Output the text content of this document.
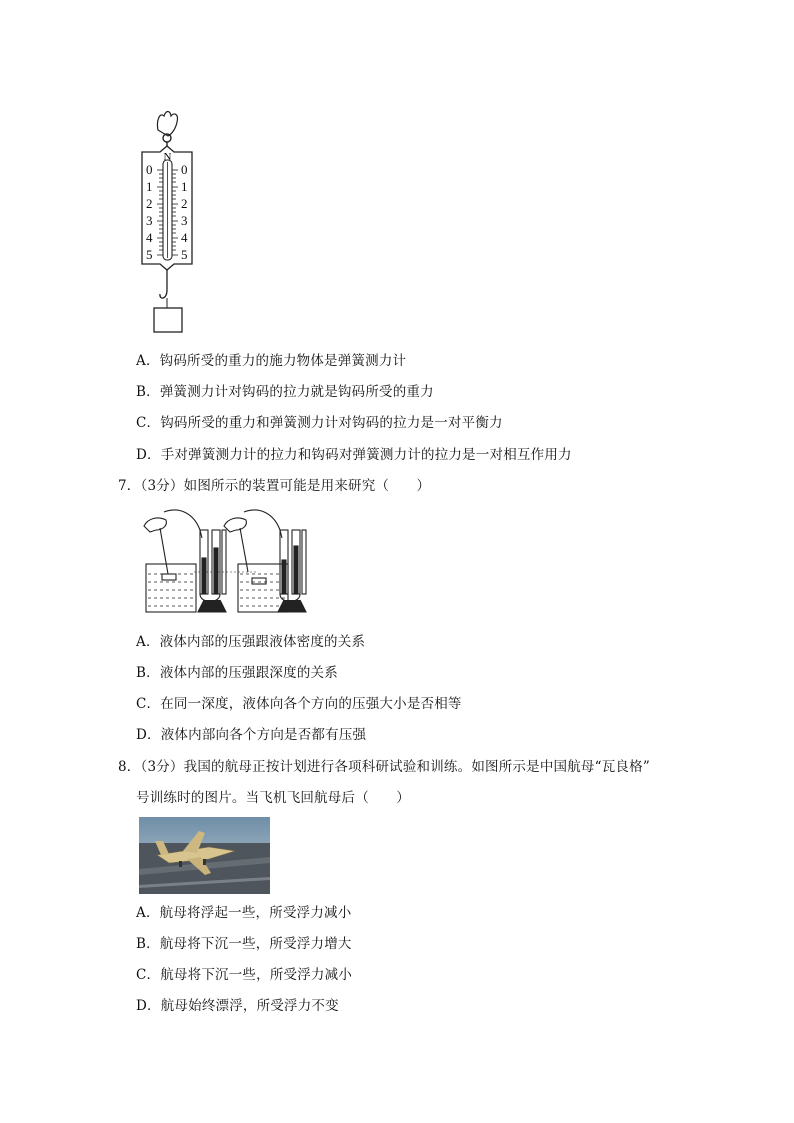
N
0
1
2
3
4
5
0
1
2
3
4
5
A．钩码所受的重力的施力物体是弹簧测力计
B．弹簧测力计对钩码的拉力就是钩码所受的重力
C．钩码所受的重力和弹簧测力计对钩码的拉力是一对平衡力
D．手对弹簧测力计的拉力和钩码对弹簧测力计的拉力是一对相互作用力
7．（3分）如图所示的装置可能是用来研究（　　）
A．液体内部的压强跟液体密度的关系
B．液体内部的压强跟深度的关系
C．在同一深度，液体向各个方向的压强大小是否相等
D．液体内部向各个方向是否都有压强
8．（3分）我国的航母正按计划进行各项科研试验和训练。如图所示是中国航母“瓦良格”
号训练时的图片。当飞机飞回航母后（　　）
A．航母将浮起一些，所受浮力减小
B．航母将下沉一些，所受浮力增大
C．航母将下沉一些，所受浮力减小
D．航母始终漂浮，所受浮力不变
